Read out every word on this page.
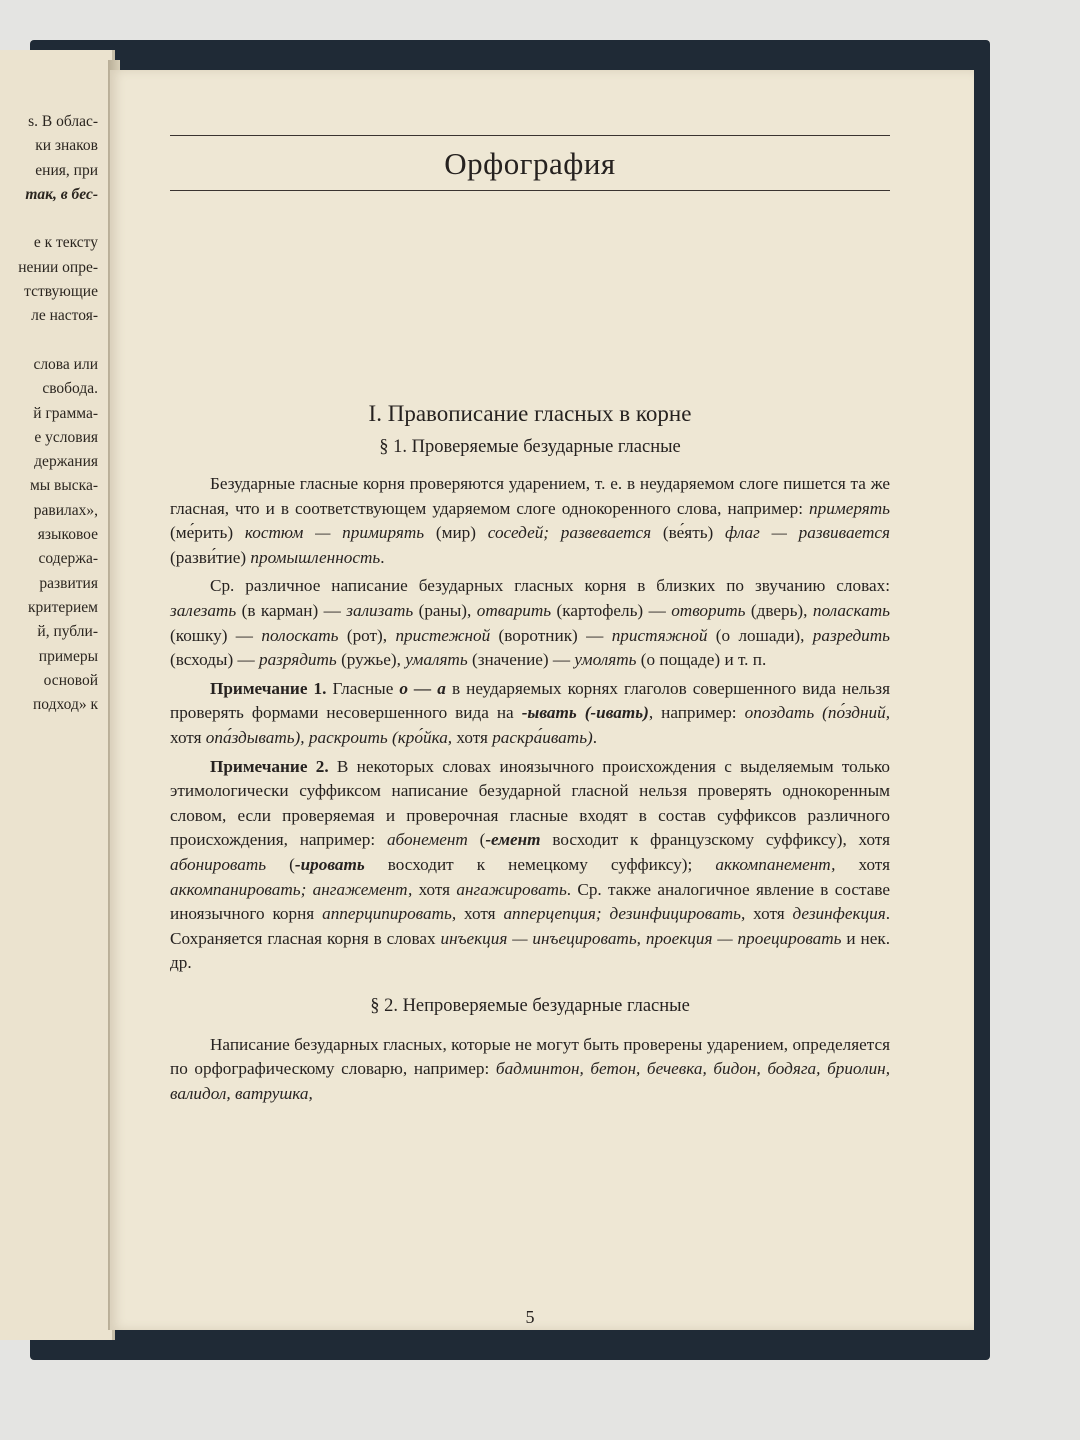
s. В облас-
ки знаков
ения, при
так, в бес-
е к тексту
нении опре-
тствующие
ле настоя-
слова или
свобода.
й грамма-
е условия
держания
мы выска-
равилах»,
языковое
содержа-
развития
критерием
й, публи-
примеры
основой
подход» к
Орфография
I. Правописание гласных в корне
§ 1. Проверяемые безударные гласные

Безударные гласные корня проверяются ударением, т. е. в неударяемом слоге пишется та же гласная, что и в соответствующем ударяемом слоге однокоренного слова, например: примерять (ме́рить) костюм — примирять (мир) соседей; развевается (ве́ять) флаг — развивается (разви́тие) промышленность.

Ср. различное написание безударных гласных корня в близких по звучанию словах: залезать (в карман) — зализать (раны), отварить (картофель) — отворить (дверь), поласкать (кошку) — полоскать (рот), пристежной (воротник) — пристяжной (о лошади), разредить (всходы) — разрядить (ружье), умалять (значение) — умолять (о пощаде) и т. п.

Примечание 1. Гласные о — а в неударяемых корнях глаголов совершенного вида нельзя проверять формами несовершенного вида на -ывать (-ивать), например: опоздать (по́здний, хотя опа́здывать), раскроить (кро́йка, хотя раскра́ивать).

Примечание 2. В некоторых словах иноязычного происхождения с выделяемым только этимологически суффиксом написание безударной гласной нельзя проверять однокоренным словом, если проверяемая и проверочная гласные входят в состав суффиксов различного происхождения, например: абонемент (-емент восходит к французскому суффиксу), хотя абонировать (-ировать восходит к немецкому суффиксу); аккомпанемент, хотя аккомпанировать; ангажемент, хотя ангажировать. Ср. также аналогичное явление в составе иноязычного корня апперципировать, хотя апперцепция; дезинфицировать, хотя дезинфекция. Сохраняется гласная корня в словах инъекция — инъецировать, проекция — проецировать и нек. др.

§ 2. Непроверяемые безударные гласные

Написание безударных гласных, которые не могут быть проверены ударением, определяется по орфографическому словарю, например: бадминтон, бетон, бечевка, бидон, бодяга, бриолин, валидол, ватрушка,

5
